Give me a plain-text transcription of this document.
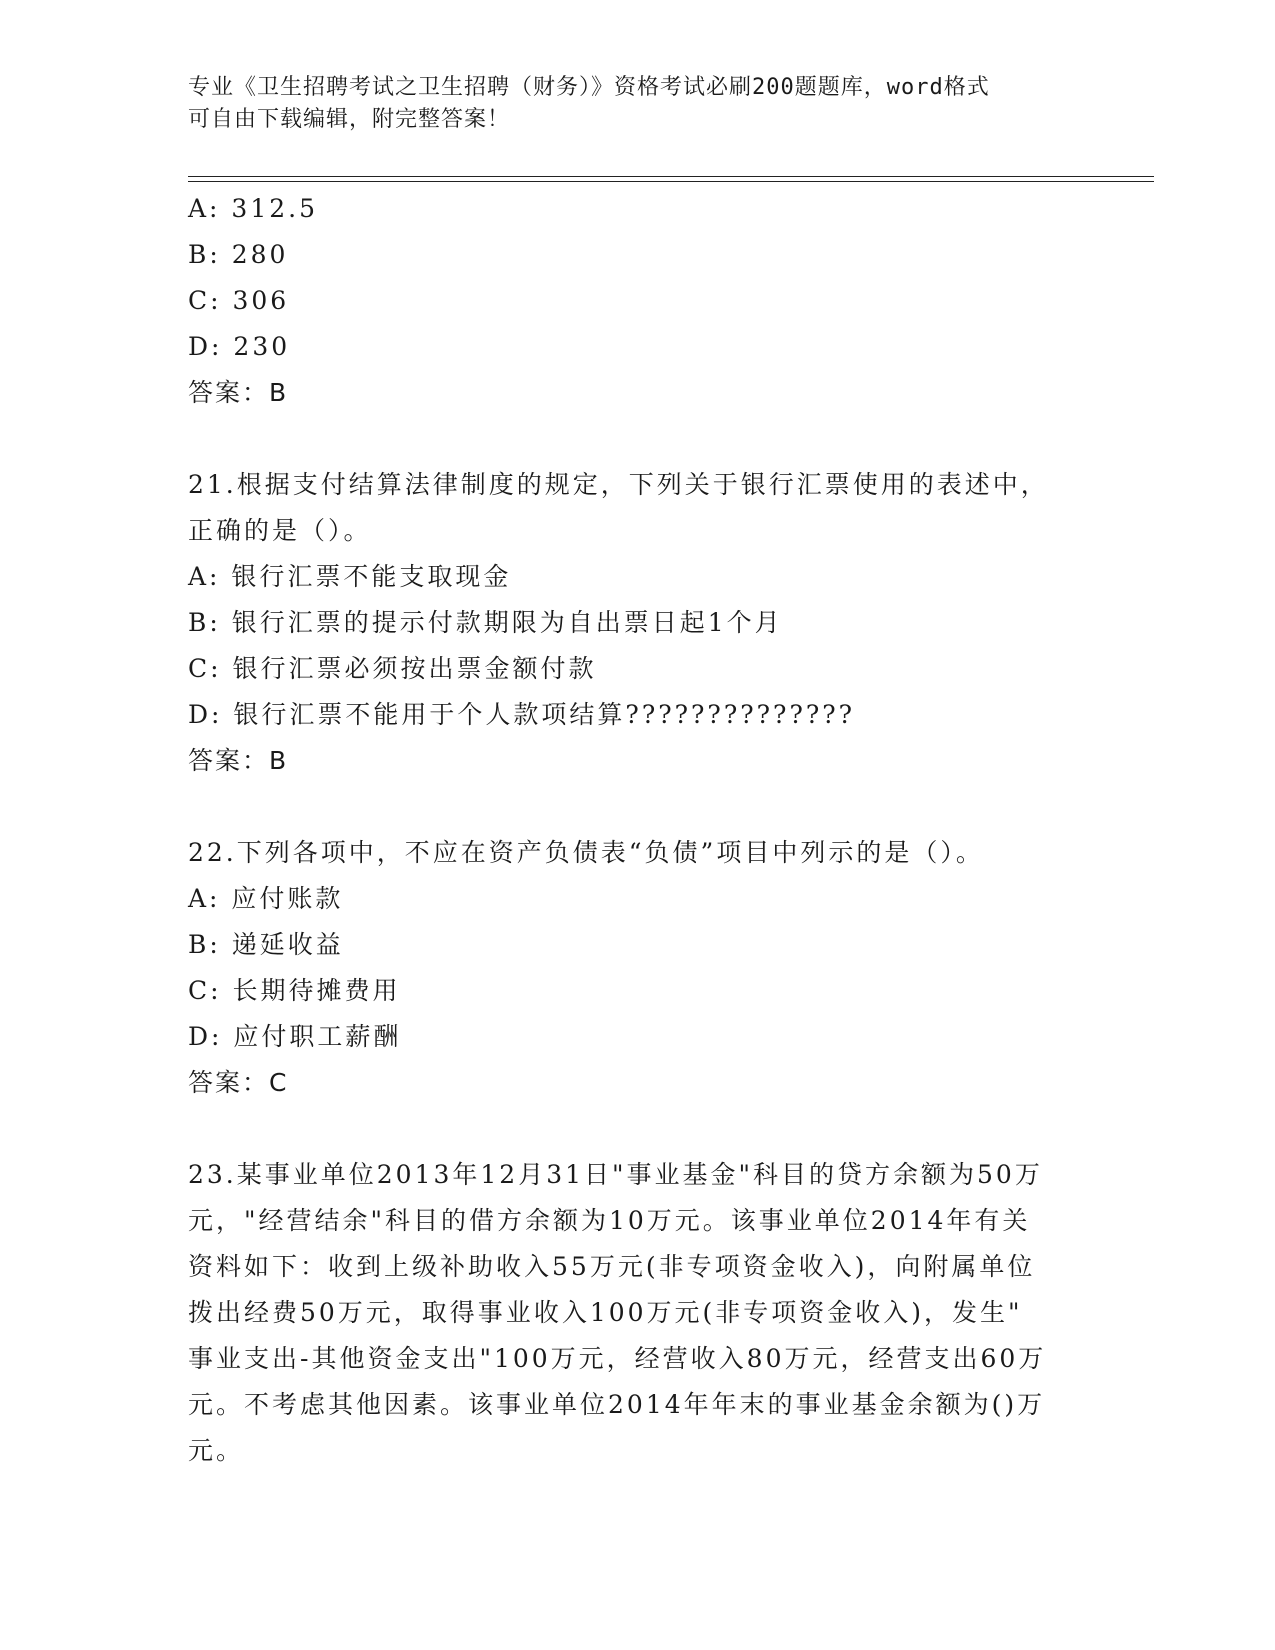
专业《卫生招聘考试之卫生招聘（财务）》资格考试必刷200题题库，word格式
可自由下载编辑，附完整答案！
A: 312.5
B: 280
C: 306
D: 230
答案：B
21.根据支付结算法律制度的规定，下列关于银行汇票使用的表述中，
正确的是（）。
A: 银行汇票不能支取现金
B: 银行汇票的提示付款期限为自出票日起1个月
C: 银行汇票必须按出票金额付款
D: 银行汇票不能用于个人款项结算??????????????
答案：B
22.下列各项中，不应在资产负债表“负债”项目中列示的是（）。
A: 应付账款
B: 递延收益
C: 长期待摊费用
D: 应付职工薪酬
答案：C
23.某事业单位2013年12月31日"事业基金"科目的贷方余额为50万
元，"经营结余"科目的借方余额为10万元。该事业单位2014年有关
资料如下：收到上级补助收入55万元(非专项资金收入)，向附属单位
拨出经费50万元，取得事业收入100万元(非专项资金收入)，发生"
事业支出-其他资金支出"100万元，经营收入80万元，经营支出60万
元。不考虑其他因素。该事业单位2014年年末的事业基金余额为()万
元。
